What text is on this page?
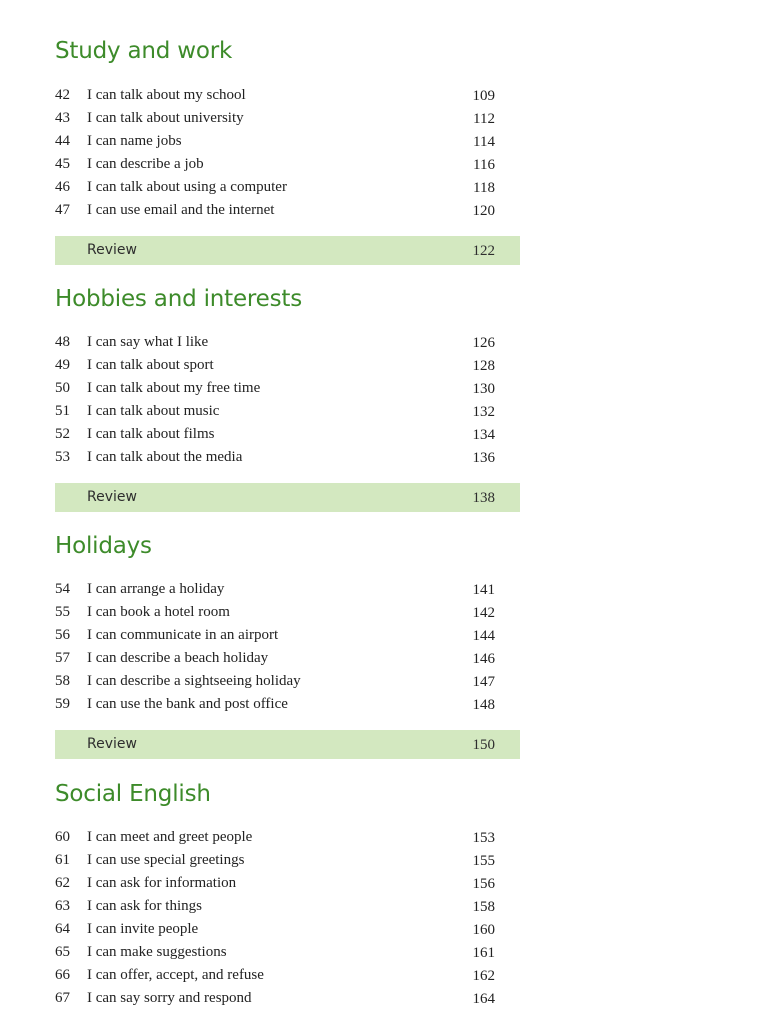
Study and work
42	I can talk about my school	109
43	I can talk about university	112
44	I can name jobs	114
45	I can describe a job	116
46	I can talk about using a computer	118
47	I can use email and the internet	120
Review	122
Hobbies and interests
48	I can say what I like	126
49	I can talk about sport	128
50	I can talk about my free time	130
51	I can talk about music	132
52	I can talk about films	134
53	I can talk about the media	136
Review	138
Holidays
54	I can arrange a holiday	141
55	I can book a hotel room	142
56	I can communicate in an airport	144
57	I can describe a beach holiday	146
58	I can describe a sightseeing holiday	147
59	I can use the bank and post office	148
Review	150
Social English
60	I can meet and greet people	153
61	I can use special greetings	155
62	I can ask for information	156
63	I can ask for things	158
64	I can invite people	160
65	I can make suggestions	161
66	I can offer, accept, and refuse	162
67	I can say sorry and respond	164
